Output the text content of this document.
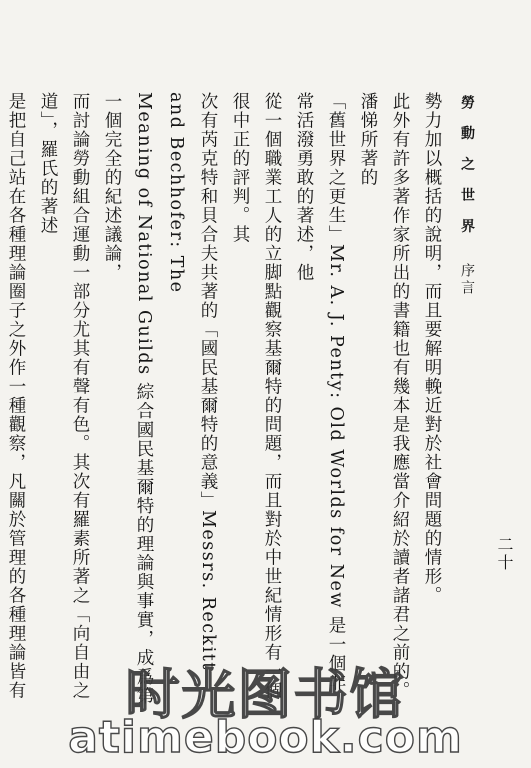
勞 動 之 世 界 序言
二十
勢力加以概括的說明，而且要解明輓近對於社會問題的情形。
此外有許多著作家所出的書籍也有幾本是我應當介紹於讀者諸君之前的。潘悌所著的
「舊世界之更生」Mr. A. J. Penty: Old Worlds for New 是一個非常活潑勇敢的著述，他
從一個職業工人的立脚點觀察基爾特的問題，而且對於中世紀情形有一個很中正的評判。其
次有芮克特和貝合夫共著的「國民基爾特的意義」Messrs. Reckitt and Bechhofer: The
Meaning of National Guilds 綜合國民基爾特的理論與事實，成爲第一個完全的紀述議論，
而討論勞動組合運動一部分尤其有聲有色。其次有羅素所著之「向自由之道」，羅氏的著述
是把自己站在各種理論圈子之外作一種觀察，凡關於管理的各種理論皆有	时光图书馆
atimebook.com
